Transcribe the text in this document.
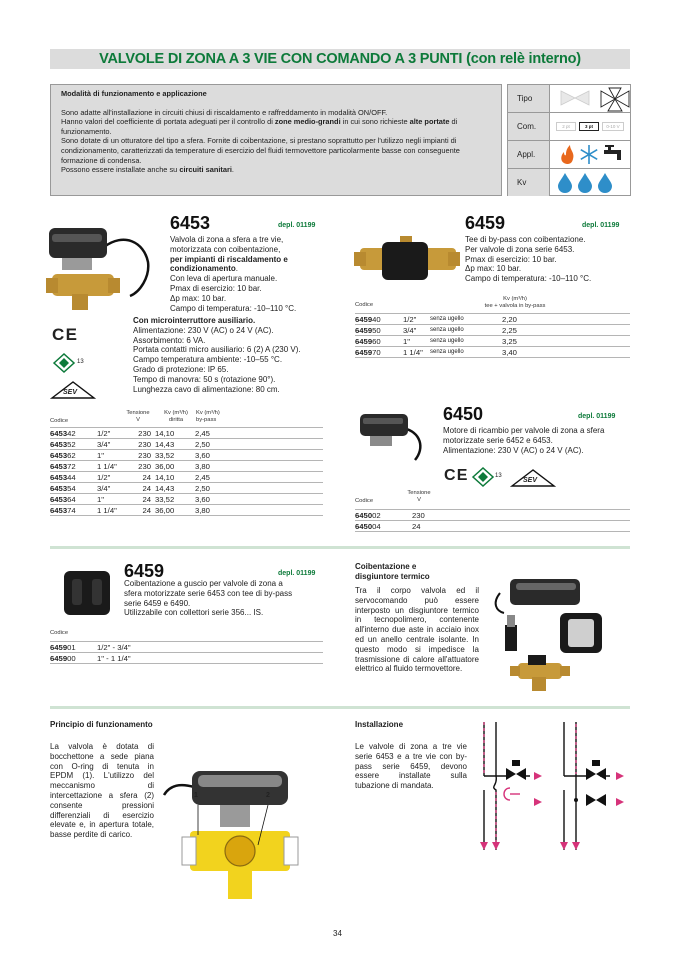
VALVOLE DI ZONA A 3 VIE CON COMANDO A 3 PUNTI (con relè interno)
Modalità di funzionamento e applicazione
Sono adatte all'installazione in circuiti chiusi di riscaldamento e raffreddamento in modalità ON/OFF.
Hanno valori del coefficiente di portata adeguati per il controllo di zone medio-grandi in cui sono richieste alte portate di funzionamento.
Sono dotate di un otturatore del tipo a sfera. Fornite di coibentazione, si prestano soprattutto per l'utilizzo negli impianti di condizionamento, caratterizzati da temperature di esercizio del fluidi termovettore particolarmente basse con conseguente formazione di condensa.
Possono essere installate anche su circuiti sanitari.
Tipo
Com.	2 pt	3 pt	0-10 V
Appl.
Kv
6453	depl. 01199
Valvola di zona a sfera a tre vie,
motorizzata con coibentazione,
per impianti di riscaldamento e
condizionamento.
Con leva di apertura manuale.
Pmax di esercizio: 10 bar.
Δp max: 10 bar.
Campo di temperatura: -10–110 °C.
Con microinterruttore ausiliario.
Alimentazione: 230 V (AC) o 24 V (AC).
Assorbimento: 6 VA.
Portata contatti micro ausiliario: 6 (2) A (230 V).
Campo temperatura ambiente: -10–55 °C.
Grado di protezione: IP 65.
Tempo di manovra: 50 s (rotazione 90°).
Lunghezza cavo di alimentazione: 80 cm.
C E
13
SEV
Codice
Tensione
V
Kv (m³/h)
diritta
Kv (m³/h)
by-pass
645342	1/2"	230	14,10	2,45
645352	3/4"	230	14,43	2,50
645362	1"	230	33,52	3,60
645372	1 1/4"	230	36,00	3,80
645344	1/2"	24	14,10	2,45
645354	3/4"	24	14,43	2,50
645364	1"	24	33,52	3,60
645374	1 1/4"	24	36,00	3,80
6459	depl. 01199
Tee di by-pass con coibentazione.
Per valvole di zona serie 6453.
Pmax di esercizio: 10 bar.
Δp max: 10 bar.
Campo di temperatura: -10–110 °C.
Codice
Kv (m³/h)
tee + valvola in by-pass
645940	1/2"	senza ugello	2,20
645950	3/4"	senza ugello	2,25
645960	1"	senza ugello	3,25
645970	1 1/4"	senza ugello	3,40
6450	depl. 01199
Motore di ricambio per valvole di zona a sfera
motorizzate serie 6452 e 6453.
Alimentazione: 230 V (AC) o 24 V (AC).
C E	13
SEV
Codice
Tensione
V
645002	230
645004	24
6459	depl. 01199
Coibentazione a guscio per valvole di zona a
sfera motorizzate serie 6453 con tee di by-pass
serie 6459 e 6490.
Utilizzabile con collettori serie 356... IS.
Codice
645901	1/2" - 3/4"
645900	1" - 1 1/4"
Coibentazione e
disgiuntore termico
Tra il corpo valvola ed il servocomando può essere interposto un disgiuntore termico in tecnopolimero, contenente all'interno due aste in acciaio inox ed un anello centrale isolante. In questo modo si impedisce la trasmissione di calore all'attuatore elettrico al fluido termovettore.
Principio di funzionamento
La valvola è dotata di bocchettone a sede piana con O-ring di tenuta in EPDM (1). L'utilizzo del meccanismo di intercettazione a sfera (2) consente pressioni differenziali di esercizio elevate e, in apertura totale, basse perdite di carico.
1	2
Installazione
Le valvole di zona a tre vie serie 6453 e a tre vie con by-pass serie 6459, devono essere installate sulla tubazione di mandata.
34
